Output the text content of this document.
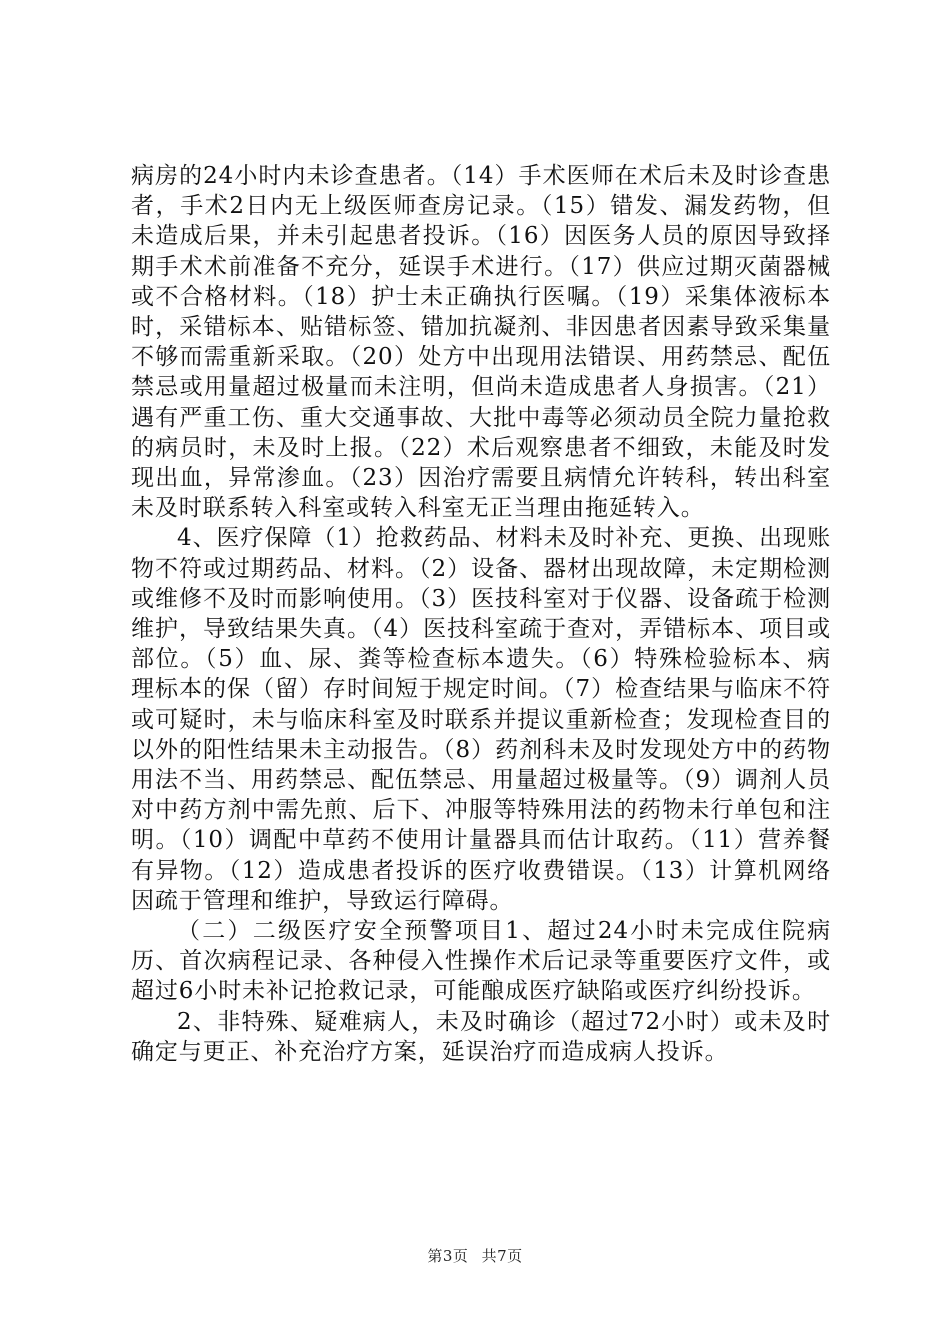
病房的24小时内未诊查患者。（14）手术医师在术后未及时诊查患者，手术2日内无上级医师查房记录。（15）错发、漏发药物，但未造成后果，并未引起患者投诉。（16）因医务人员的原因导致择期手术术前准备不充分，延误手术进行。（17）供应过期灭菌器械或不合格材料。（18）护士未正确执行医嘱。（19）采集体液标本时，采错标本、贴错标签、错加抗凝剂、非因患者因素导致采集量不够而需重新采取。（20）处方中出现用法错误、用药禁忌、配伍禁忌或用量超过极量而未注明，但尚未造成患者人身损害。（21）遇有严重工伤、重大交通事故、大批中毒等必须动员全院力量抢救的病员时，未及时上报。（22）术后观察患者不细致，未能及时发现出血，异常渗血。（23）因治疗需要且病情允许转科，转出科室未及时联系转入科室或转入科室无正当理由拖延转入。

4、医疗保障（1）抢救药品、材料未及时补充、更换、出现账物不符或过期药品、材料。（2）设备、器材出现故障，未定期检测或维修不及时而影响使用。（3）医技科室对于仪器、设备疏于检测维护，导致结果失真。（4）医技科室疏于查对，弄错标本、项目或部位。（5）血、尿、粪等检查标本遗失。（6）特殊检验标本、病理标本的保（留）存时间短于规定时间。（7）检查结果与临床不符或可疑时，未与临床科室及时联系并提议重新检查；发现检查目的以外的阳性结果未主动报告。（8）药剂科未及时发现处方中的药物用法不当、用药禁忌、配伍禁忌、用量超过极量等。（9）调剂人员对中药方剂中需先煎、后下、冲服等特殊用法的药物未行单包和注明。（10）调配中草药不使用计量器具而估计取药。（11）营养餐有异物。（12）造成患者投诉的医疗收费错误。（13）计算机网络因疏于管理和维护，导致运行障碍。

（二）二级医疗安全预警项目1、超过24小时未完成住院病历、首次病程记录、各种侵入性操作术后记录等重要医疗文件，或超过6小时未补记抢救记录，可能酿成医疗缺陷或医疗纠纷投诉。

2、非特殊、疑难病人，未及时确诊（超过72小时）或未及时确定与更正、补充治疗方案，延误治疗而造成病人投诉。

第3页 共7页
